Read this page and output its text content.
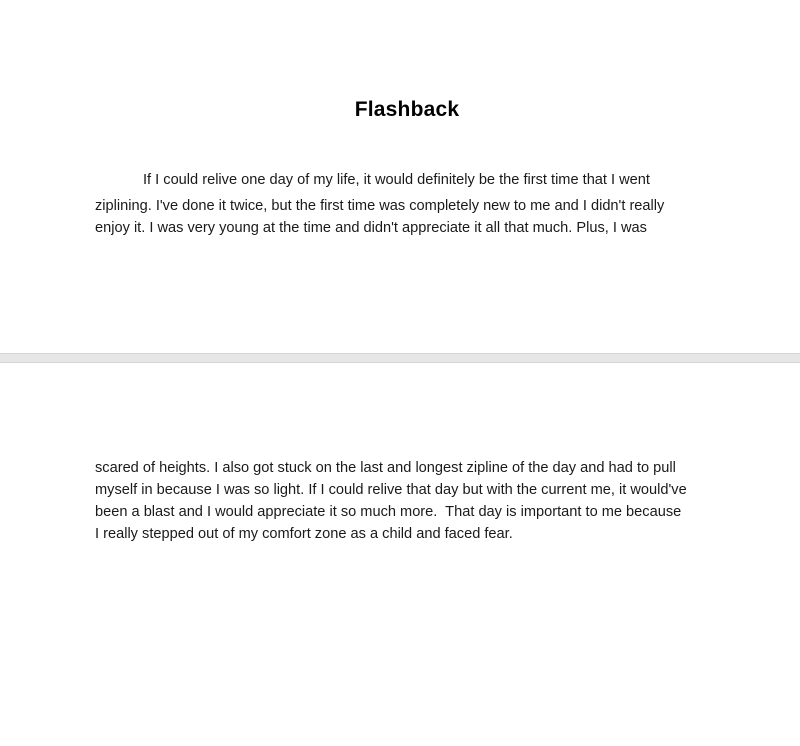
Flashback

If I could relive one day of my life, it would definitely be the first time that I went

ziplining. I've done it twice, but the first time was completely new to me and I didn't really

enjoy it. I was very young at the time and didn't appreciate it all that much. Plus, I was

scared of heights. I also got stuck on the last and longest zipline of the day and had to pull

myself in because I was so light. If I could relive that day but with the current me, it would've

been a blast and I would appreciate it so much more.  That day is important to me because

I really stepped out of my comfort zone as a child and faced fear.
